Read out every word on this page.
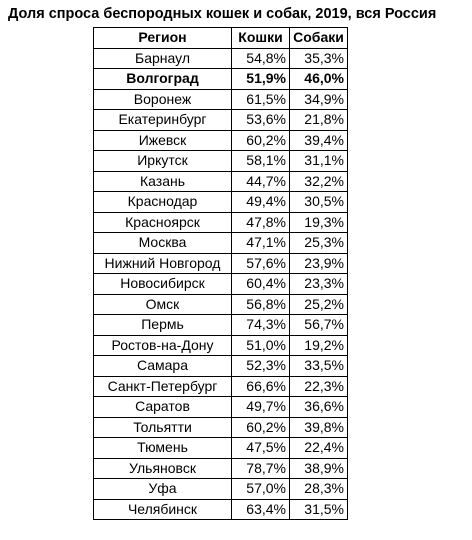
Доля спроса беспородных кошек и собак, 2019, вся Россия
Регион	Кошки	Собаки
Барнаул	54,8%	35,3%
Волгоград	51,9%	46,0%
Воронеж	61,5%	34,9%
Екатеринбург	53,6%	21,8%
Ижевск	60,2%	39,4%
Иркутск	58,1%	31,1%
Казань	44,7%	32,2%
Краснодар	49,4%	30,5%
Красноярск	47,8%	19,3%
Москва	47,1%	25,3%
Нижний Новгород	57,6%	23,9%
Новосибирск	60,4%	23,3%
Омск	56,8%	25,2%
Пермь	74,3%	56,7%
Ростов-на-Дону	51,0%	19,2%
Самара	52,3%	33,5%
Санкт-Петербург	66,6%	22,3%
Саратов	49,7%	36,6%
Тольятти	60,2%	39,8%
Тюмень	47,5%	22,4%
Ульяновск	78,7%	38,9%
Уфа	57,0%	28,3%
Челябинск	63,4%	31,5%
